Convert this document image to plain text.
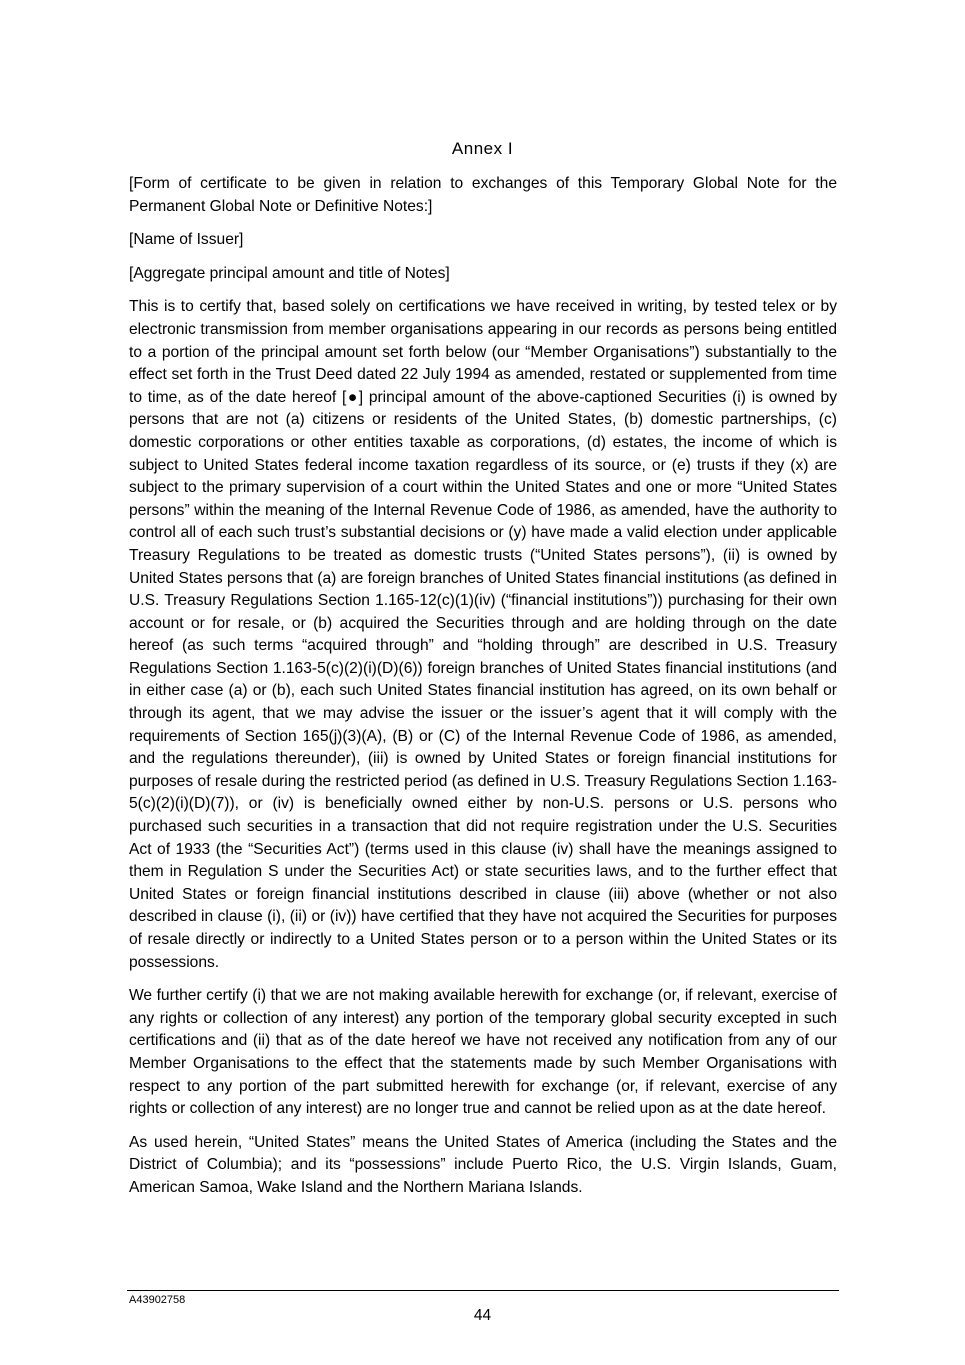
Annex I

[Form of certificate to be given in relation to exchanges of this Temporary Global Note for the Permanent Global Note or Definitive Notes:]

[Name of Issuer]

[Aggregate principal amount and title of Notes]

This is to certify that, based solely on certifications we have received in writing, by tested telex or by electronic transmission from member organisations appearing in our records as persons being entitled to a portion of the principal amount set forth below (our “Member Organisations”) substantially to the effect set forth in the Trust Deed dated 22 July 1994 as amended, restated or supplemented from time to time, as of the date hereof [●] principal amount of the above-captioned Securities (i) is owned by persons that are not (a) citizens or residents of the United States, (b) domestic partnerships, (c) domestic corporations or other entities taxable as corporations, (d) estates, the income of which is subject to United States federal income taxation regardless of its source, or (e) trusts if they (x) are subject to the primary supervision of a court within the United States and one or more “United States persons” within the meaning of the Internal Revenue Code of 1986, as amended, have the authority to control all of each such trust’s substantial decisions or (y) have made a valid election under applicable Treasury Regulations to be treated as domestic trusts (“United States persons”), (ii) is owned by United States persons that (a) are foreign branches of United States financial institutions (as defined in U.S. Treasury Regulations Section 1.165-12(c)(1)(iv) (“financial institutions”)) purchasing for their own account or for resale, or (b) acquired the Securities through and are holding through on the date hereof (as such terms “acquired through” and “holding through” are described in U.S. Treasury Regulations Section 1.163-5(c)(2)(i)(D)(6)) foreign branches of United States financial institutions (and in either case (a) or (b), each such United States financial institution has agreed, on its own behalf or through its agent, that we may advise the issuer or the issuer’s agent that it will comply with the requirements of Section 165(j)(3)(A), (B) or (C) of the Internal Revenue Code of 1986, as amended, and the regulations thereunder), (iii) is owned by United States or foreign financial institutions for purposes of resale during the restricted period (as defined in U.S. Treasury Regulations Section 1.163-5(c)(2)(i)(D)(7)), or (iv) is beneficially owned either by non-U.S. persons or U.S. persons who purchased such securities in a transaction that did not require registration under the U.S. Securities Act of 1933 (the “Securities Act”) (terms used in this clause (iv) shall have the meanings assigned to them in Regulation S under the Securities Act) or state securities laws, and to the further effect that United States or foreign financial institutions described in clause (iii) above (whether or not also described in clause (i), (ii) or (iv)) have certified that they have not acquired the Securities for purposes of resale directly or indirectly to a United States person or to a person within the United States or its possessions.

We further certify (i) that we are not making available herewith for exchange (or, if relevant, exercise of any rights or collection of any interest) any portion of the temporary global security excepted in such certifications and (ii) that as of the date hereof we have not received any notification from any of our Member Organisations to the effect that the statements made by such Member Organisations with respect to any portion of the part submitted herewith for exchange (or, if relevant, exercise of any rights or collection of any interest) are no longer true and cannot be relied upon as at the date hereof.

As used herein, “United States” means the United States of America (including the States and the District of Columbia); and its “possessions” include Puerto Rico, the U.S. Virgin Islands, Guam, American Samoa, Wake Island and the Northern Mariana Islands.

A43902758
44
